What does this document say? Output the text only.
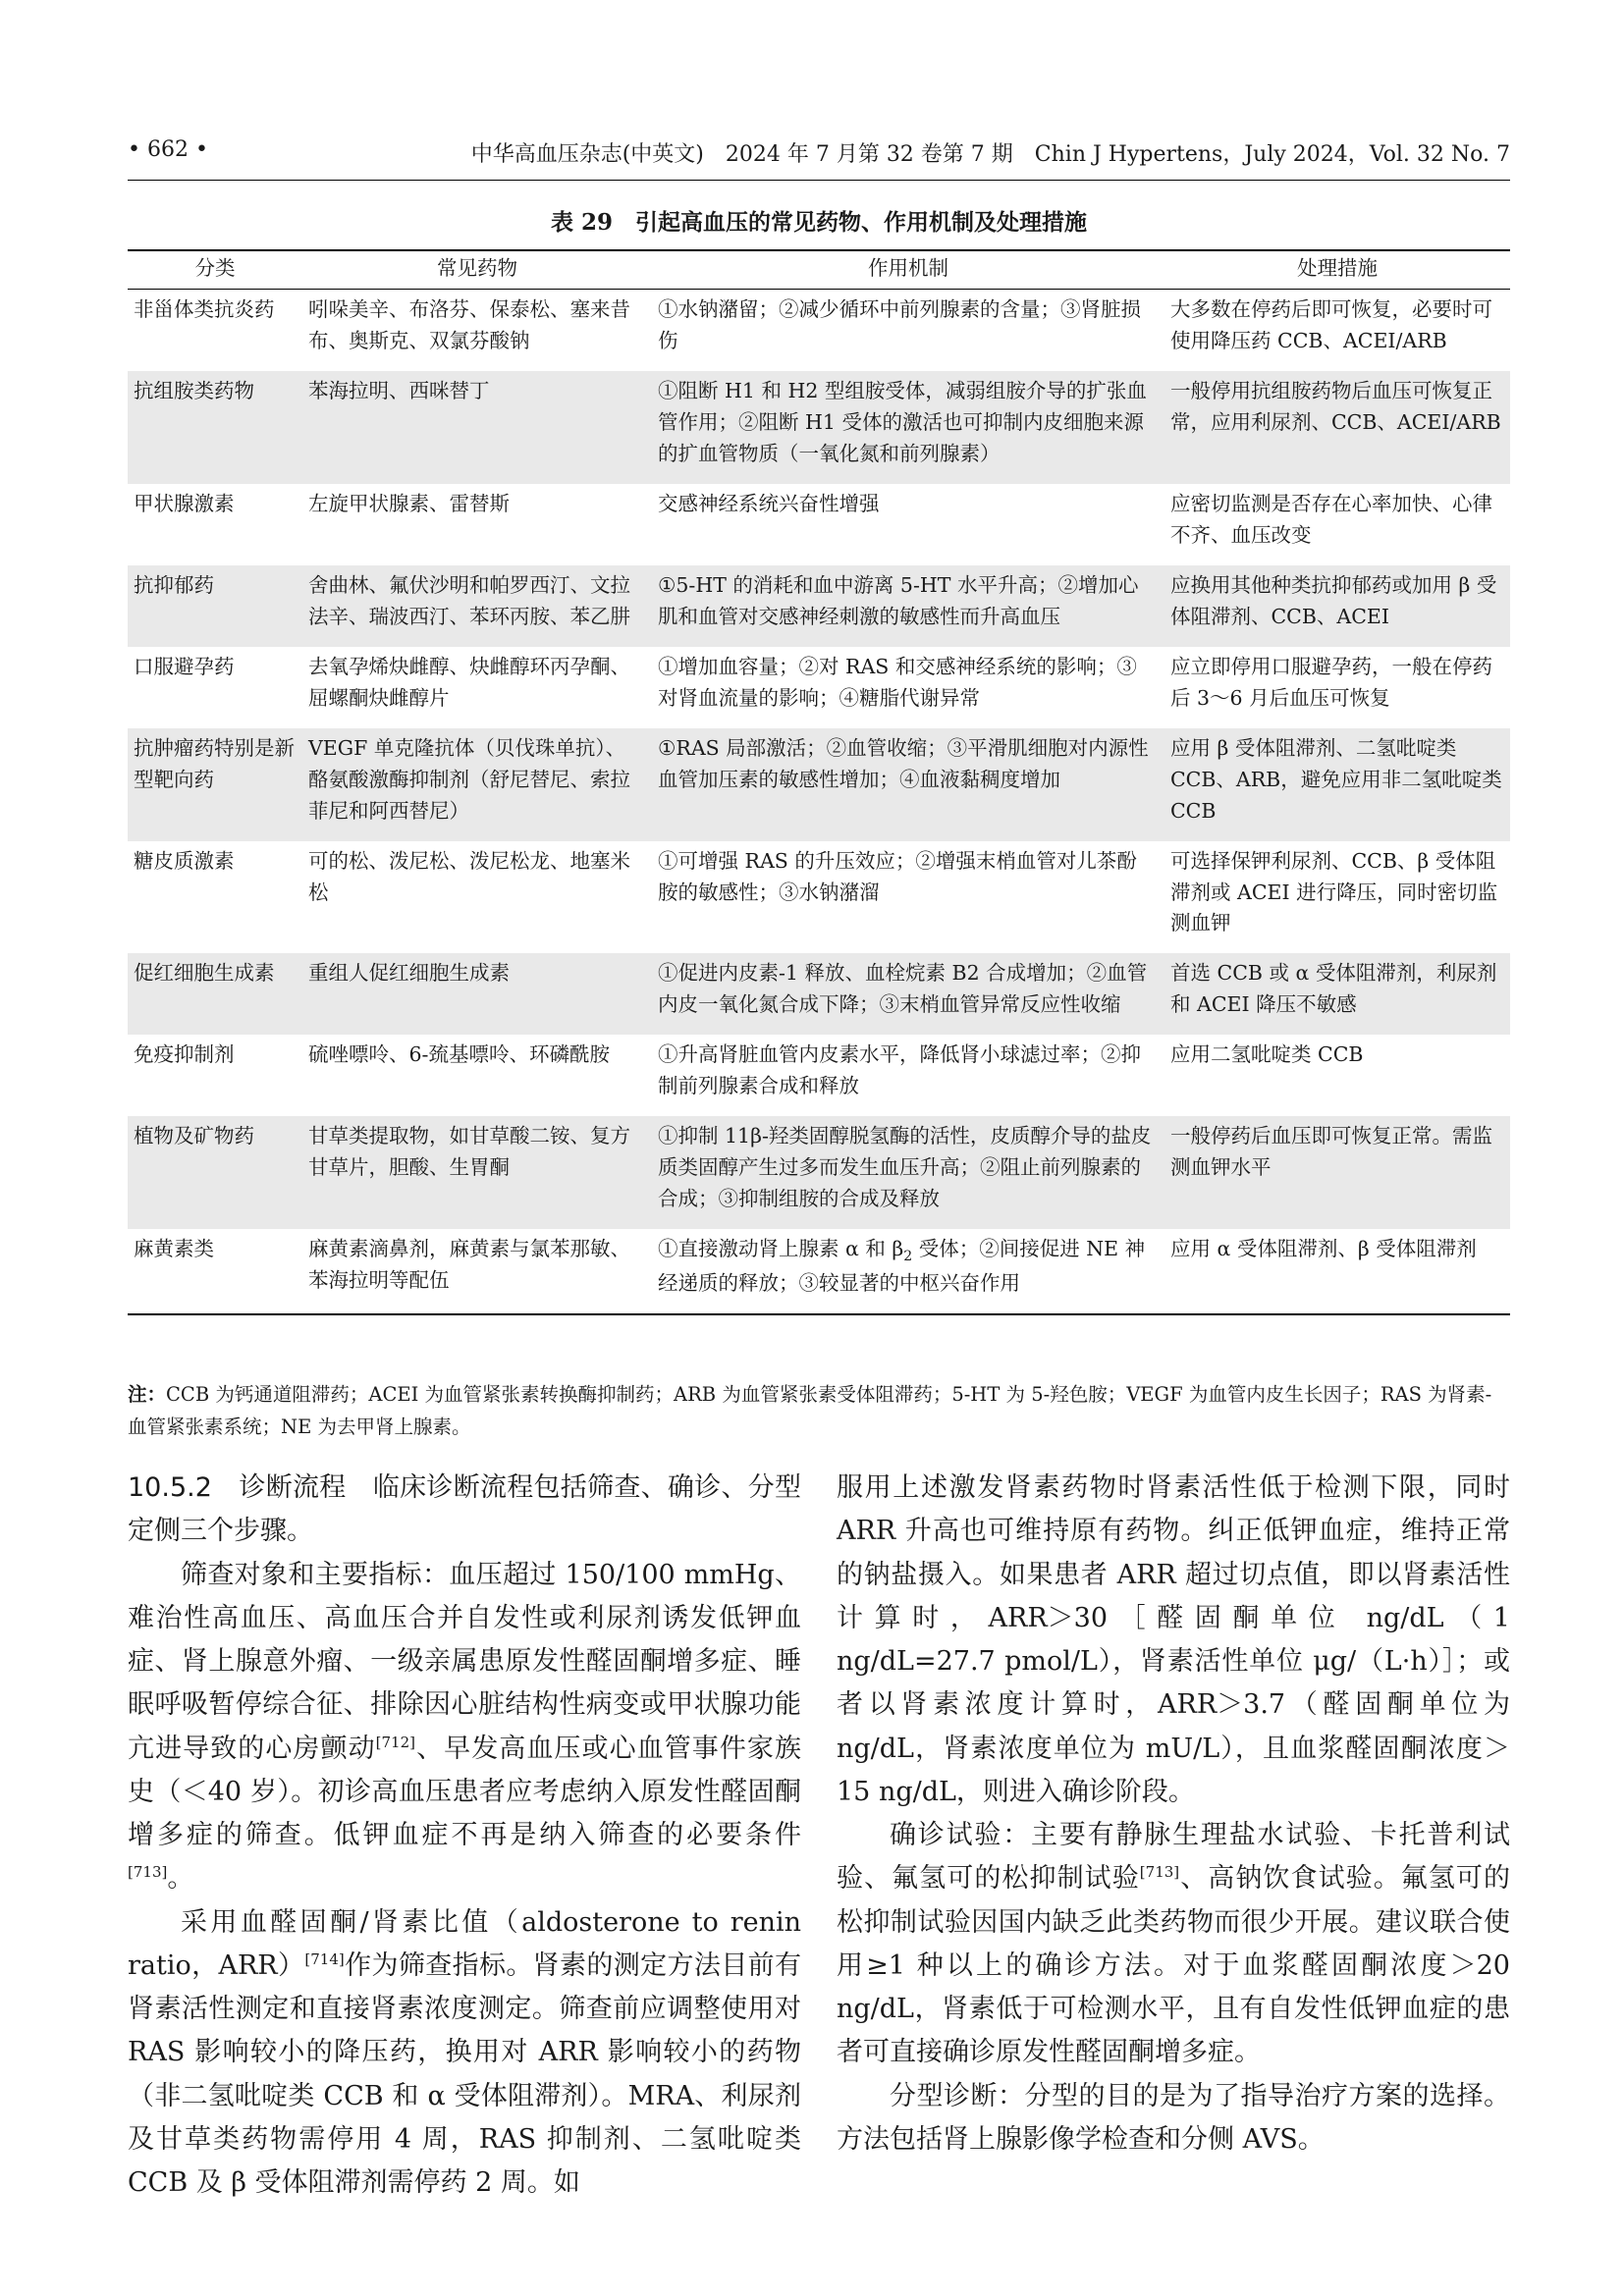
• 662 •	中华高血压杂志(中英文)　2024 年 7 月第 32 卷第 7 期　Chin J Hypertens，July 2024，Vol. 32 No. 7
表 29　引起高血压的常见药物、作用机制及处理措施
分类	常见药物	作用机制	处理措施
非甾体类抗炎药	吲哚美辛、布洛芬、保泰松、塞来昔布、奥斯克、双氯芬酸钠	①水钠潴留；②减少循环中前列腺素的含量；③肾脏损伤	大多数在停药后即可恢复，必要时可使用降压药 CCB、ACEI/ARB
抗组胺类药物	苯海拉明、西咪替丁	①阻断 H1 和 H2 型组胺受体，减弱组胺介导的扩张血管作用；②阻断 H1 受体的激活也可抑制内皮细胞来源的扩血管物质（一氧化氮和前列腺素）	一般停用抗组胺药物后血压可恢复正常，应用利尿剂、CCB、ACEI/ARB
甲状腺激素	左旋甲状腺素、雷替斯	交感神经系统兴奋性增强	应密切监测是否存在心率加快、心律不齐、血压改变
抗抑郁药	舍曲林、氟伏沙明和帕罗西汀、文拉法辛、瑞波西汀、苯环丙胺、苯乙肼	①5-HT 的消耗和血中游离 5-HT 水平升高；②增加心肌和血管对交感神经刺激的敏感性而升高血压	应换用其他种类抗抑郁药或加用 β 受体阻滞剂、CCB、ACEI
口服避孕药	去氧孕烯炔雌醇、炔雌醇环丙孕酮、屈螺酮炔雌醇片	①增加血容量；②对 RAS 和交感神经系统的影响；③对肾血流量的影响；④糖脂代谢异常	应立即停用口服避孕药，一般在停药后 3～6 月后血压可恢复
抗肿瘤药特别是新型靶向药	VEGF 单克隆抗体（贝伐珠单抗）、酪氨酸激酶抑制剂（舒尼替尼、索拉菲尼和阿西替尼）	①RAS 局部激活；②血管收缩；③平滑肌细胞对内源性血管加压素的敏感性增加；④血液黏稠度增加	应用 β 受体阻滞剂、二氢吡啶类 CCB、ARB，避免应用非二氢吡啶类 CCB
糖皮质激素	可的松、泼尼松、泼尼松龙、地塞米松	①可增强 RAS 的升压效应；②增强末梢血管对儿茶酚胺的敏感性；③水钠潴溜	可选择保钾利尿剂、CCB、β 受体阻滞剂或 ACEI 进行降压，同时密切监测血钾
促红细胞生成素	重组人促红细胞生成素	①促进内皮素-1 释放、血栓烷素 B2 合成增加；②血管内皮一氧化氮合成下降；③末梢血管异常反应性收缩	首选 CCB 或 α 受体阻滞剂，利尿剂和 ACEI 降压不敏感
免疫抑制剂	硫唑嘌呤、6-巯基嘌呤、环磷酰胺	①升高肾脏血管内皮素水平，降低肾小球滤过率；②抑制前列腺素合成和释放	应用二氢吡啶类 CCB
植物及矿物药	甘草类提取物，如甘草酸二铵、复方甘草片，胆酸、生胃酮	①抑制 11β-羟类固醇脱氢酶的活性，皮质醇介导的盐皮质类固醇产生过多而发生血压升高；②阻止前列腺素的合成；③抑制组胺的合成及释放	一般停药后血压即可恢复正常。需监测血钾水平
麻黄素类	麻黄素滴鼻剂，麻黄素与氯苯那敏、苯海拉明等配伍	①直接激动肾上腺素 α 和 $\beta_2$ 受体；②间接促进 NE 神经递质的释放；③较显著的中枢兴奋作用	应用 α 受体阻滞剂、β 受体阻滞剂
注：CCB 为钙通道阻滞药；ACEI 为血管紧张素转换酶抑制药；ARB 为血管紧张素受体阻滞药；5-HT 为 5-羟色胺；VEGF 为血管内皮生长因子；RAS 为肾素-血管紧张素系统；NE 为去甲肾上腺素。

10.5.2　 诊断流程　 临床诊断流程包括筛查、确诊、分型定侧三个步骤。

筛查对象和主要指标：血压超过 150/100 mmHg、难治性高血压、高血压合并自发性或利尿剂诱发低钾血症、肾上腺意外瘤、一级亲属患原发性醛固酮增多症、睡眠呼吸暂停综合征、排除因心脏结构性病变或甲状腺功能亢进导致的心房颤动[712]、早发高血压或心血管事件家族史（＜40 岁）。初诊高血压患者应考虑纳入原发性醛固酮增多症的筛查。低钾血症不再是纳入筛查的必要条件[713]。

采用血醛固酮/肾素比值（aldosterone to renin ratio，ARR）[714]作为筛查指标。肾素的测定方法目前有肾素活性测定和直接肾素浓度测定。筛查前应调整使用对 RAS 影响较小的降压药，换用对 ARR 影响较小的药物（非二氢吡啶类 CCB 和 α 受体阻滞剂）。MRA、利尿剂及甘草类药物需停用 4 周，RAS 抑制剂、二氢吡啶类 CCB 及 β 受体阻滞剂需停药 2 周。如

服用上述激发肾素药物时肾素活性低于检测下限，同时 ARR 升高也可维持原有药物。纠正低钾血症，维持正常的钠盐摄入。如果患者 ARR 超过切点值，即以肾素活性计算时，ARR＞30［醛固酮单位 ng/dL（1 ng/dL=27.7 pmol/L），肾素活性单位 μg/（L·h）］；或者以肾素浓度计算时，ARR＞3.7（醛固酮单位为 ng/dL，肾素浓度单位为 mU/L），且血浆醛固酮浓度＞15 ng/dL，则进入确诊阶段。

确诊试验：主要有静脉生理盐水试验、卡托普利试验、氟氢可的松抑制试验[713]、高钠饮食试验。氟氢可的松抑制试验因国内缺乏此类药物而很少开展。建议联合使用≥1 种以上的确诊方法。对于血浆醛固酮浓度＞20 ng/dL，肾素低于可检测水平，且有自发性低钾血症的患者可直接确诊原发性醛固酮增多症。

分型诊断：分型的目的是为了指导治疗方案的选择。方法包括肾上腺影像学检查和分侧 AVS。
